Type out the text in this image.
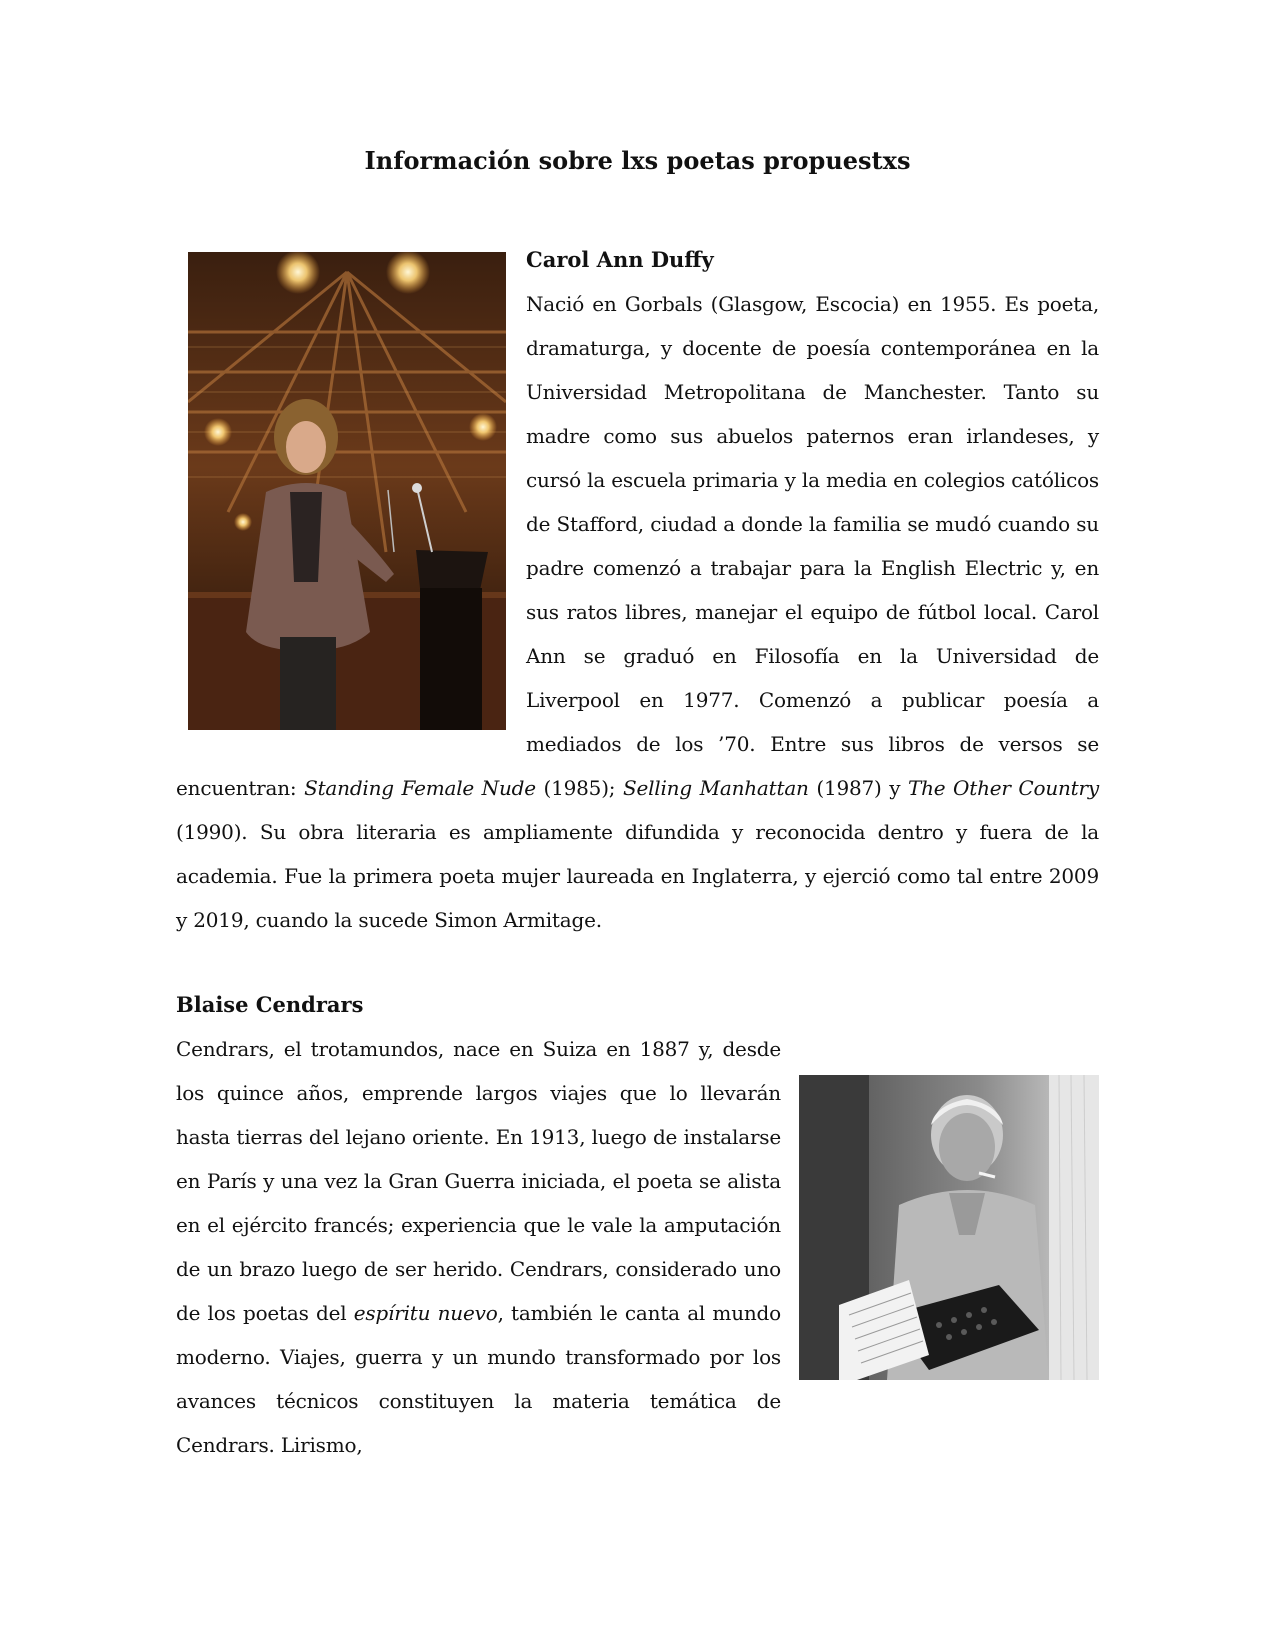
Información sobre lxs poetas propuestxs

Carol Ann Duffy

Nació en Gorbals (Glasgow, Escocia) en 1955. Es poeta, dramaturga, y docente de poesía contemporánea en la Universidad Metropolitana de Manchester. Tanto su madre como sus abuelos paternos eran irlandeses, y cursó la escuela primaria y la media en colegios católicos de Stafford, ciudad a donde la familia se mudó cuando su padre comenzó a trabajar para la English Electric y, en sus ratos libres, manejar el equipo de fútbol local. Carol Ann se graduó en Filosofía en la Universidad de Liverpool en 1977. Comenzó a publicar poesía a mediados de los ’70. Entre sus libros de versos se encuentran: Standing Female Nude (1985); Selling Manhattan (1987) y The Other Country (1990). Su obra literaria es ampliamente difundida y reconocida dentro y fuera de la academia. Fue la primera poeta mujer laureada en Inglaterra, y ejerció como tal entre 2009 y 2019, cuando la sucede Simon Armitage.

Blaise Cendrars

Cendrars, el trotamundos, nace en Suiza en 1887 y, desde los quince años, emprende largos viajes que lo llevarán hasta tierras del lejano oriente. En 1913, luego de instalarse en París y una vez la Gran Guerra iniciada, el poeta se alista en el ejército francés; experiencia que le vale la amputación de un brazo luego de ser herido. Cendrars, considerado uno de los poetas del espíritu nuevo, también le canta al mundo moderno. Viajes, guerra y un mundo transformado por los avances técnicos constituyen la materia temática de Cendrars. Lirismo,
